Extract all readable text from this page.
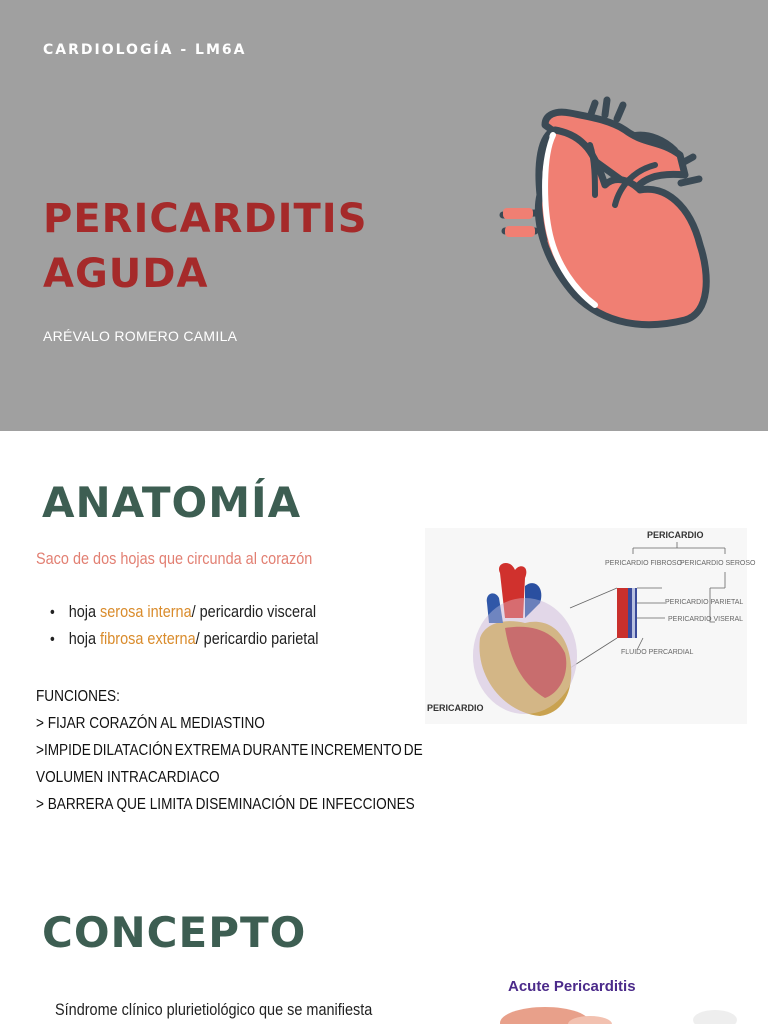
CARDIOLOGÍA - LM6A
PERICARDITIS
AGUDA
ARÉVALO ROMERO CAMILA
ANATOMÍA
Saco de dos hojas que circunda al corazón
• hoja serosa interna/ pericardio visceral
• hoja fibrosa externa/ pericardio parietal
FUNCIONES:
> FIJAR CORAZÓN AL MEDIASTINO
>IMPIDE DILATACIÓN EXTREMA DURANTE INCREMENTO DE
VOLUMEN INTRACARDIACO
> BARRERA QUE LIMITA DISEMINACIÓN DE INFECCIONES
PERICARDIO
PERICARDIO FIBROSO
PERICARDIO SEROSO
PERICARDIO PARIETAL
PERICARDIO VISERAL
FLUIDO PERCARDIAL
PERICARDIO
CONCEPTO
Síndrome clínico plurietiológico que se manifiesta
Acute Pericarditis
